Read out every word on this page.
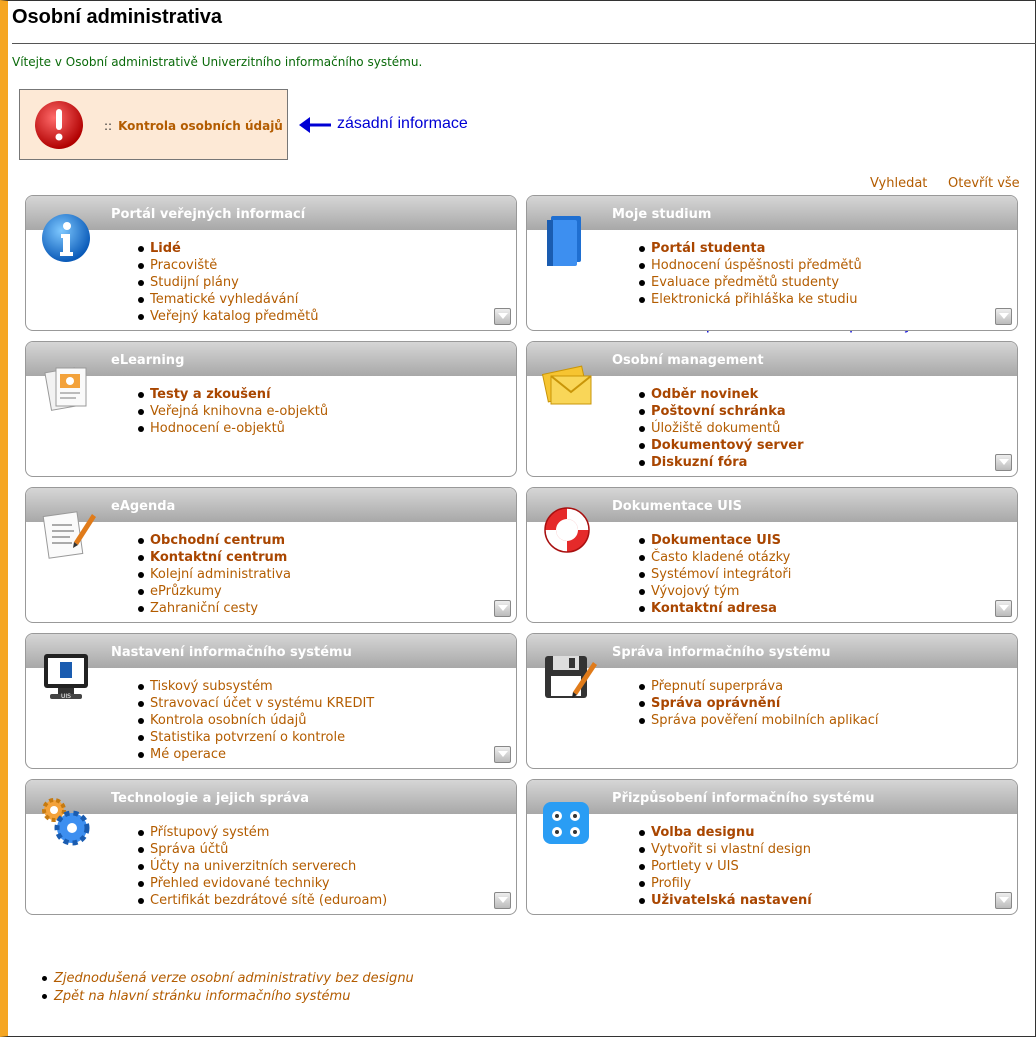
Osobní administrativa
Vítejte v Osobní administrativě Univerzitního informačního systému.
:: Kontrola osobních údajů	zásadní informace
Vyhledat Otevřít vše
Portál veřejných informací
Lidé
Pracoviště
Studijní plány
Tematické vyhledávání
Veřejný katalog předmětů
Moje studium
Portál studenta
Hodnocení úspěšnosti předmětů
Evaluace předmětů studenty
Elektronická přihláška ke studiu
eLearning
Testy a zkoušení
Veřejná knihovna e-objektů
Hodnocení e-objektů
Osobní management
Odběr novinek
Poštovní schránka
Úložiště dokumentů
Dokumentový server
Diskuzní fóra
eAgenda
Obchodní centrum
Kontaktní centrum
Kolejní administrativa
ePrůzkumy
Zahraniční cesty
Dokumentace UIS
Dokumentace UIS
Často kladené otázky
Systémoví integrátoři
Vývojový tým
Kontaktní adresa
Nastavení informačního systému
UIS
Tiskový subsystém
Stravovací účet v systému KREDIT
Kontrola osobních údajů
Statistika potvrzení o kontrole
Mé operace
Správa informačního systému
Přepnutí superpráva
Správa oprávnění
Správa pověření mobilních aplikací
Technologie a jejich správa
Přístupový systém
Správa účtů
Účty na univerzitních serverech
Přehled evidované techniky
Certifikát bezdrátové sítě (eduroam)
Přizpůsobení informačního systému
Volba designu
Vytvořit si vlastní design
Portlety v UIS
Profily
Uživatelská nastavení
Zjednodušená verze osobní administrativy bez designu
Zpět na hlavní stránku informačního systému
